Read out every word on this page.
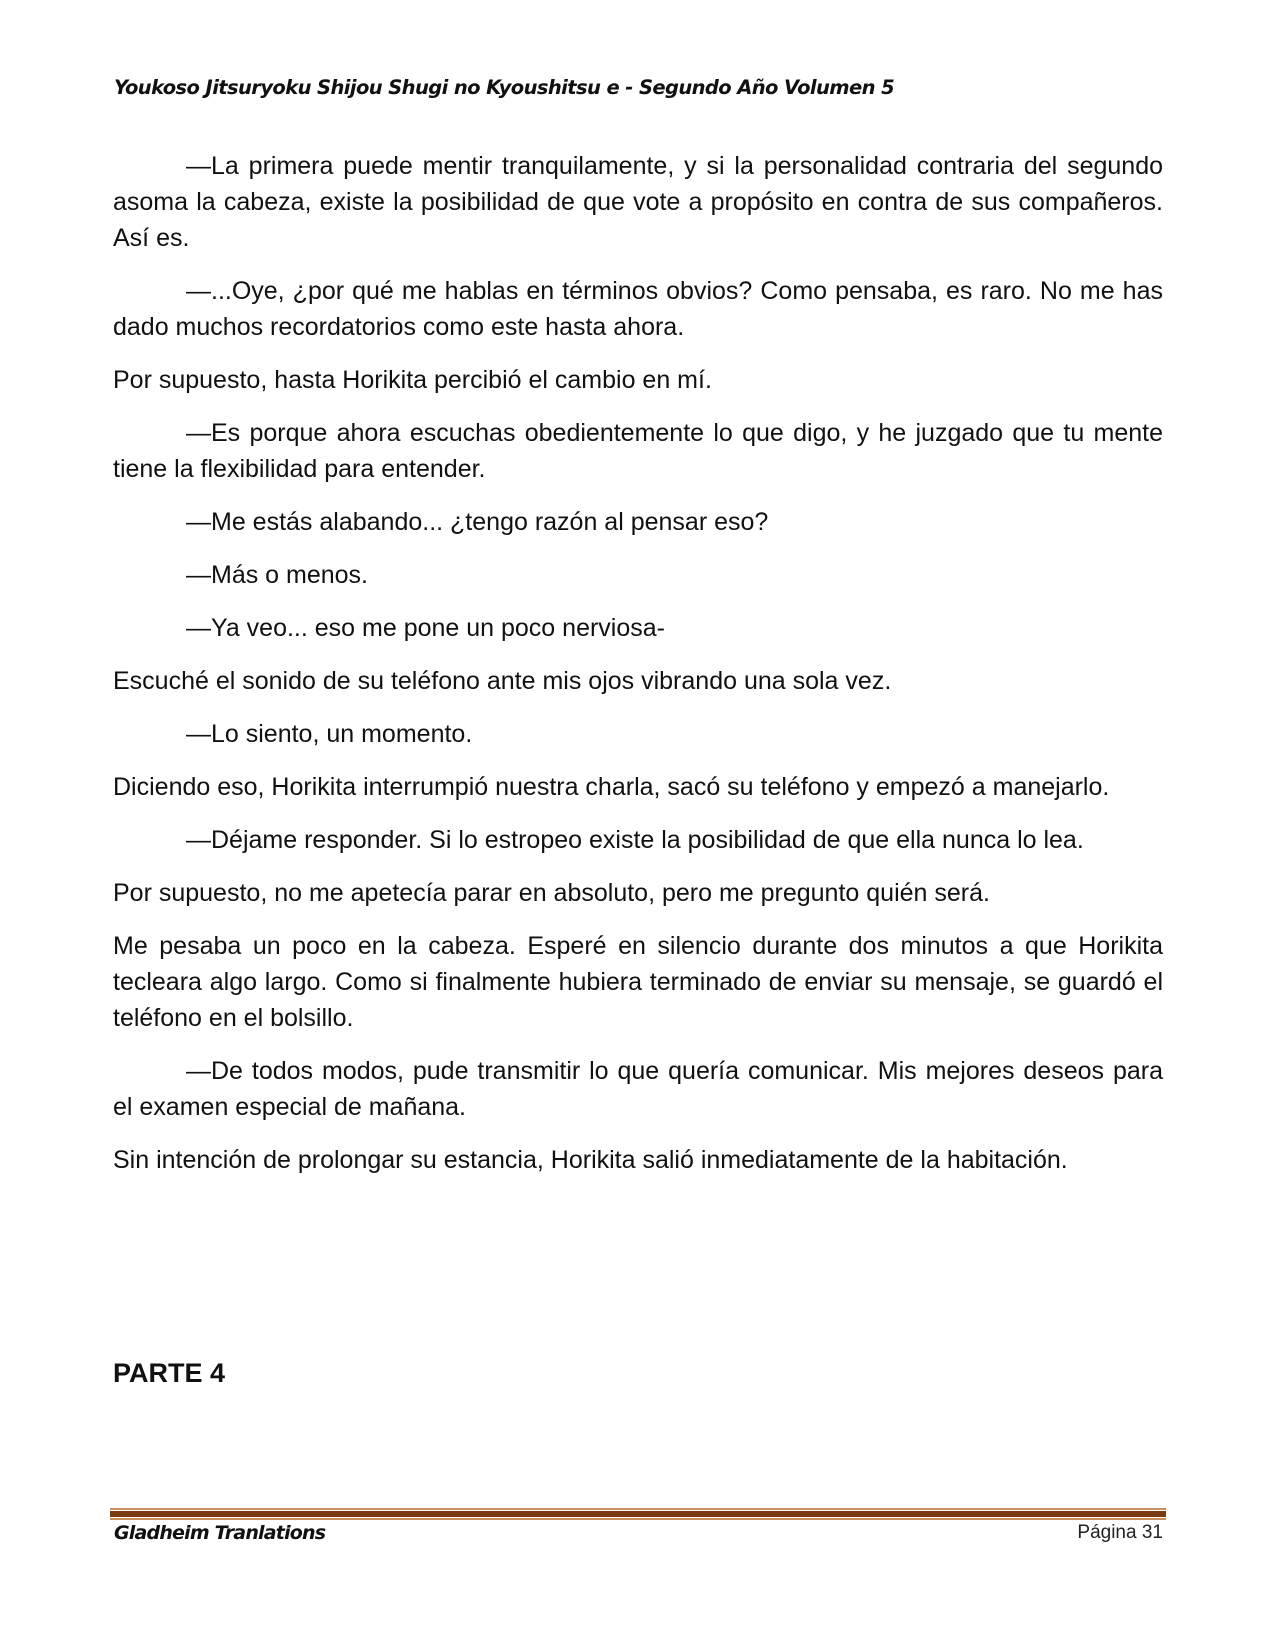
Youkoso Jitsuryoku Shijou Shugi no Kyoushitsu e - Segundo Año Volumen 5

—La primera puede mentir tranquilamente, y si la personalidad contraria del segundo asoma la cabeza, existe la posibilidad de que vote a propósito en contra de sus compañeros. Así es.

—...Oye, ¿por qué me hablas en términos obvios? Como pensaba, es raro. No me has dado muchos recordatorios como este hasta ahora.

Por supuesto, hasta Horikita percibió el cambio en mí.

—Es porque ahora escuchas obedientemente lo que digo, y he juzgado que tu mente tiene la flexibilidad para entender.

—Me estás alabando... ¿tengo razón al pensar eso?

—Más o menos.

—Ya veo... eso me pone un poco nerviosa-

Escuché el sonido de su teléfono ante mis ojos vibrando una sola vez.

—Lo siento, un momento.

Diciendo eso, Horikita interrumpió nuestra charla, sacó su teléfono y empezó a manejarlo.

—Déjame responder. Si lo estropeo existe la posibilidad de que ella nunca lo lea.

Por supuesto, no me apetecía parar en absoluto, pero me pregunto quién será.

Me pesaba un poco en la cabeza. Esperé en silencio durante dos minutos a que Horikita tecleara algo largo. Como si finalmente hubiera terminado de enviar su mensaje, se guardó el teléfono en el bolsillo.

—De todos modos, pude transmitir lo que quería comunicar. Mis mejores deseos para el examen especial de mañana.

Sin intención de prolongar su estancia, Horikita salió inmediatamente de la habitación.

PARTE 4
Gladheim Tranlations	Página 31
